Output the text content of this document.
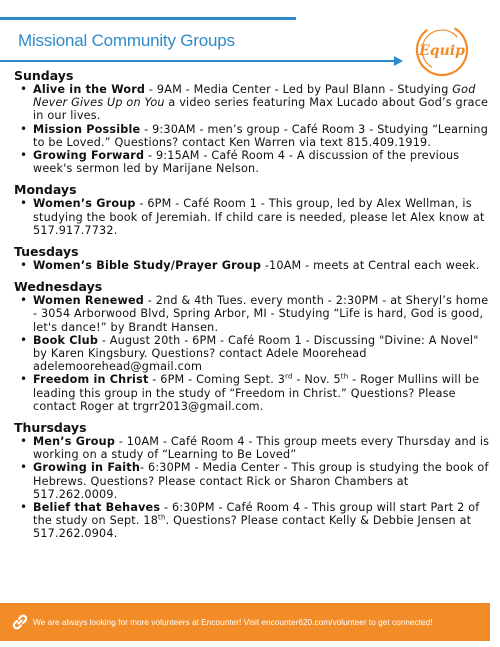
Missional Community Groups
Equip
Sundays
• Alive in the Word - 9AM - Media Center - Led by Paul Blann - Studying God Never Gives Up on You a video series featuring Max Lucado about God’s grace in our lives.
• Mission Possible - 9:30AM - men’s group - Café Room 3 - Studying “Learning to be Loved.” Questions? contact Ken Warren via text 815.409.1919.
• Growing Forward - 9:15AM - Café Room 4 - A discussion of the previous week's sermon led by Marijane Nelson.
Mondays
• Women’s Group - 6PM - Café Room 1 - This group, led by Alex Wellman, is studying the book of Jeremiah. If child care is needed, please let Alex know at 517.917.7732.
Tuesdays
• Women’s Bible Study/Prayer Group -10AM - meets at Central each week.
Wednesdays
• Women Renewed - 2nd & 4th Tues. every month - 2:30PM - at Sheryl’s home - 3054 Arborwood Blvd, Spring Arbor, MI - Studying “Life is hard, God is good, let's dance!” by Brandt Hansen.
• Book Club - August 20th - 6PM - Café Room 1 - Discussing "Divine: A Novel" by Karen Kingsbury. Questions? contact Adele Moorehead adelemoorehead@gmail.com
• Freedom in Christ - 6PM - Coming Sept. 3rd - Nov. 5th - Roger Mullins will be leading this group in the study of “Freedom in Christ.” Questions? Please contact Roger at trgrr2013@gmail.com.
Thursdays
• Men’s Group - 10AM - Café Room 4 - This group meets every Thursday and is working on a study of “Learning to Be Loved”
• Growing in Faith- 6:30PM - Media Center - This group is studying the book of Hebrews. Questions? Please contact Rick or Sharon Chambers at 517.262.0009.
• Belief that Behaves - 6:30PM - Café Room 4 - This group will start Part 2 of the study on Sept. 18th. Questions? Please contact Kelly & Debbie Jensen at 517.262.0904.
We are always looking for more volunteers at Encounter! Visit encounter620.com/volunteer to get connected!
